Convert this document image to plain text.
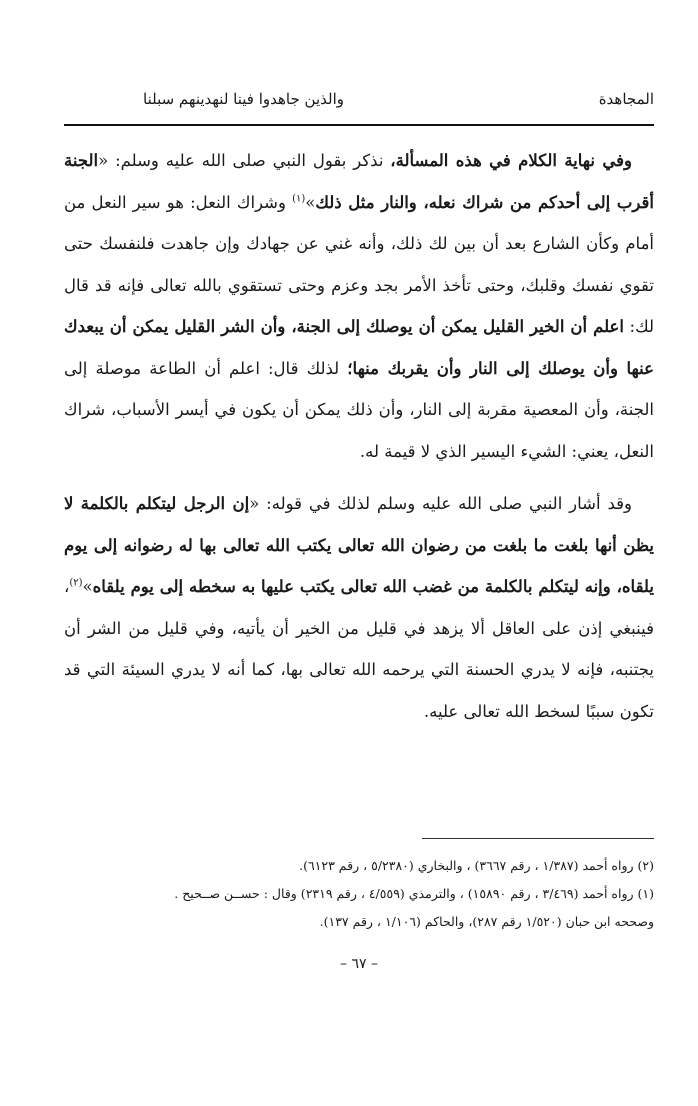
المجاهدة
والذين جاهدوا فينا لنهدينهم سبلنا

وفي نهاية الكلام في هذه المسألة، نذكر بقول النبي صلى الله عليه وسلم: «الجنة أقرب إلى أحدكم من شراك نعله، والنار مثل ذلك»$^{(١)}$ وشراك النعل: هو سير النعل من أمام وكأن الشارع بعد أن بين لك ذلك، وأنه غني عن جهادك وإن جاهدت فلنفسك حتى تقوي نفسك وقلبك، وحتى تأخذ الأمر بجد وعزم وحتى تستقوي بالله تعالى فإنه قد قال لك: اعلم أن الخير القليل يمكن أن يوصلك إلى الجنة، وأن الشر القليل يمكن أن يبعدك عنها وأن يوصلك إلى النار وأن يقربك منها؛ لذلك قال: اعلم أن الطاعة موصلة إلى الجنة، وأن المعصية مقربة إلى النار، وأن ذلك يمكن أن يكون في أيسر الأسباب، شراك النعل، يعني: الشيء اليسير الذي لا قيمة له.

وقد أشار النبي صلى الله عليه وسلم لذلك في قوله: «إن الرجل ليتكلم بالكلمة لا يظن أنها بلغت ما بلغت من رضوان الله تعالى يكتب الله تعالى بها له رضوانه إلى يوم يلقاه، وإنه ليتكلم بالكلمة من غضب الله تعالى يكتب عليها به سخطه إلى يوم يلقاه»$^{(٢)}$، فينبغي إذن على العاقل ألا يزهد في قليل من الخير أن يأتيه، وفي قليل من الشر أن يجتنبه، فإنه لا يدري الحسنة التي يرحمه الله تعالى بها، كما أنه لا يدري السيئة التي قد تكون سببًا لسخط الله تعالى عليه.

(٢) رواه أحمد (١/٣٨٧ ، رقم ٣٦٦٧) ، والبخاري (٥/٢٣٨٠ ، رقم ٦١٢٣).
(١) رواه أحمد (٣/٤٦٩ ، رقم ١٥٨٩٠) ، والترمذي (٤/٥٥٩ ، رقم ٢٣١٩) وقال : حســن صــحيح .
وصححه ابن حبان (١/٥٢٠ رقم ٢٨٧)، والحاكم (١/١٠٦ ، رقم ١٣٧).
– ٦٧ –
